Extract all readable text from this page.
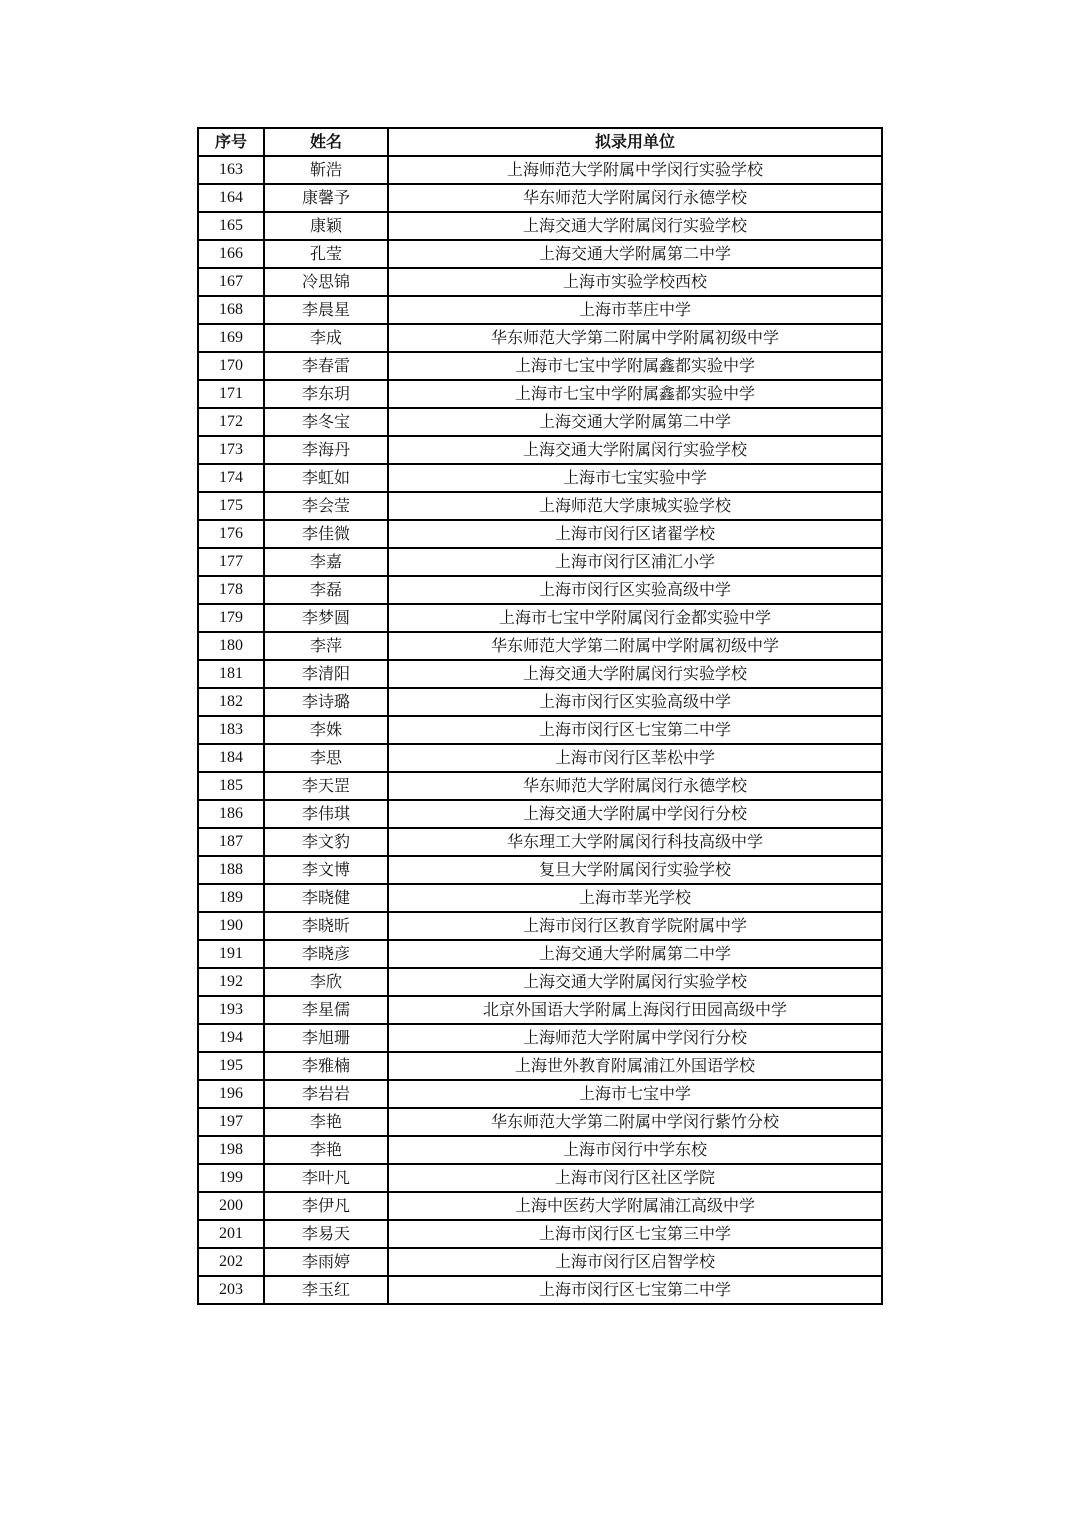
序号	姓名	拟录用单位
163	靳浩	上海师范大学附属中学闵行实验学校
164	康馨予	华东师范大学附属闵行永德学校
165	康颖	上海交通大学附属闵行实验学校
166	孔莹	上海交通大学附属第二中学
167	冷思锦	上海市实验学校西校
168	李晨星	上海市莘庄中学
169	李成	华东师范大学第二附属中学附属初级中学
170	李春雷	上海市七宝中学附属鑫都实验中学
171	李东玥	上海市七宝中学附属鑫都实验中学
172	李冬宝	上海交通大学附属第二中学
173	李海丹	上海交通大学附属闵行实验学校
174	李虹如	上海市七宝实验中学
175	李会莹	上海师范大学康城实验学校
176	李佳微	上海市闵行区诸翟学校
177	李嘉	上海市闵行区浦汇小学
178	李磊	上海市闵行区实验高级中学
179	李梦圆	上海市七宝中学附属闵行金都实验中学
180	李萍	华东师范大学第二附属中学附属初级中学
181	李清阳	上海交通大学附属闵行实验学校
182	李诗璐	上海市闵行区实验高级中学
183	李姝	上海市闵行区七宝第二中学
184	李思	上海市闵行区莘松中学
185	李天罡	华东师范大学附属闵行永德学校
186	李伟琪	上海交通大学附属中学闵行分校
187	李文豹	华东理工大学附属闵行科技高级中学
188	李文博	复旦大学附属闵行实验学校
189	李晓健	上海市莘光学校
190	李晓昕	上海市闵行区教育学院附属中学
191	李晓彦	上海交通大学附属第二中学
192	李欣	上海交通大学附属闵行实验学校
193	李星儒	北京外国语大学附属上海闵行田园高级中学
194	李旭珊	上海师范大学附属中学闵行分校
195	李雅楠	上海世外教育附属浦江外国语学校
196	李岩岩	上海市七宝中学
197	李艳	华东师范大学第二附属中学闵行紫竹分校
198	李艳	上海市闵行中学东校
199	李叶凡	上海市闵行区社区学院
200	李伊凡	上海中医药大学附属浦江高级中学
201	李易天	上海市闵行区七宝第三中学
202	李雨婷	上海市闵行区启智学校
203	李玉红	上海市闵行区七宝第二中学
